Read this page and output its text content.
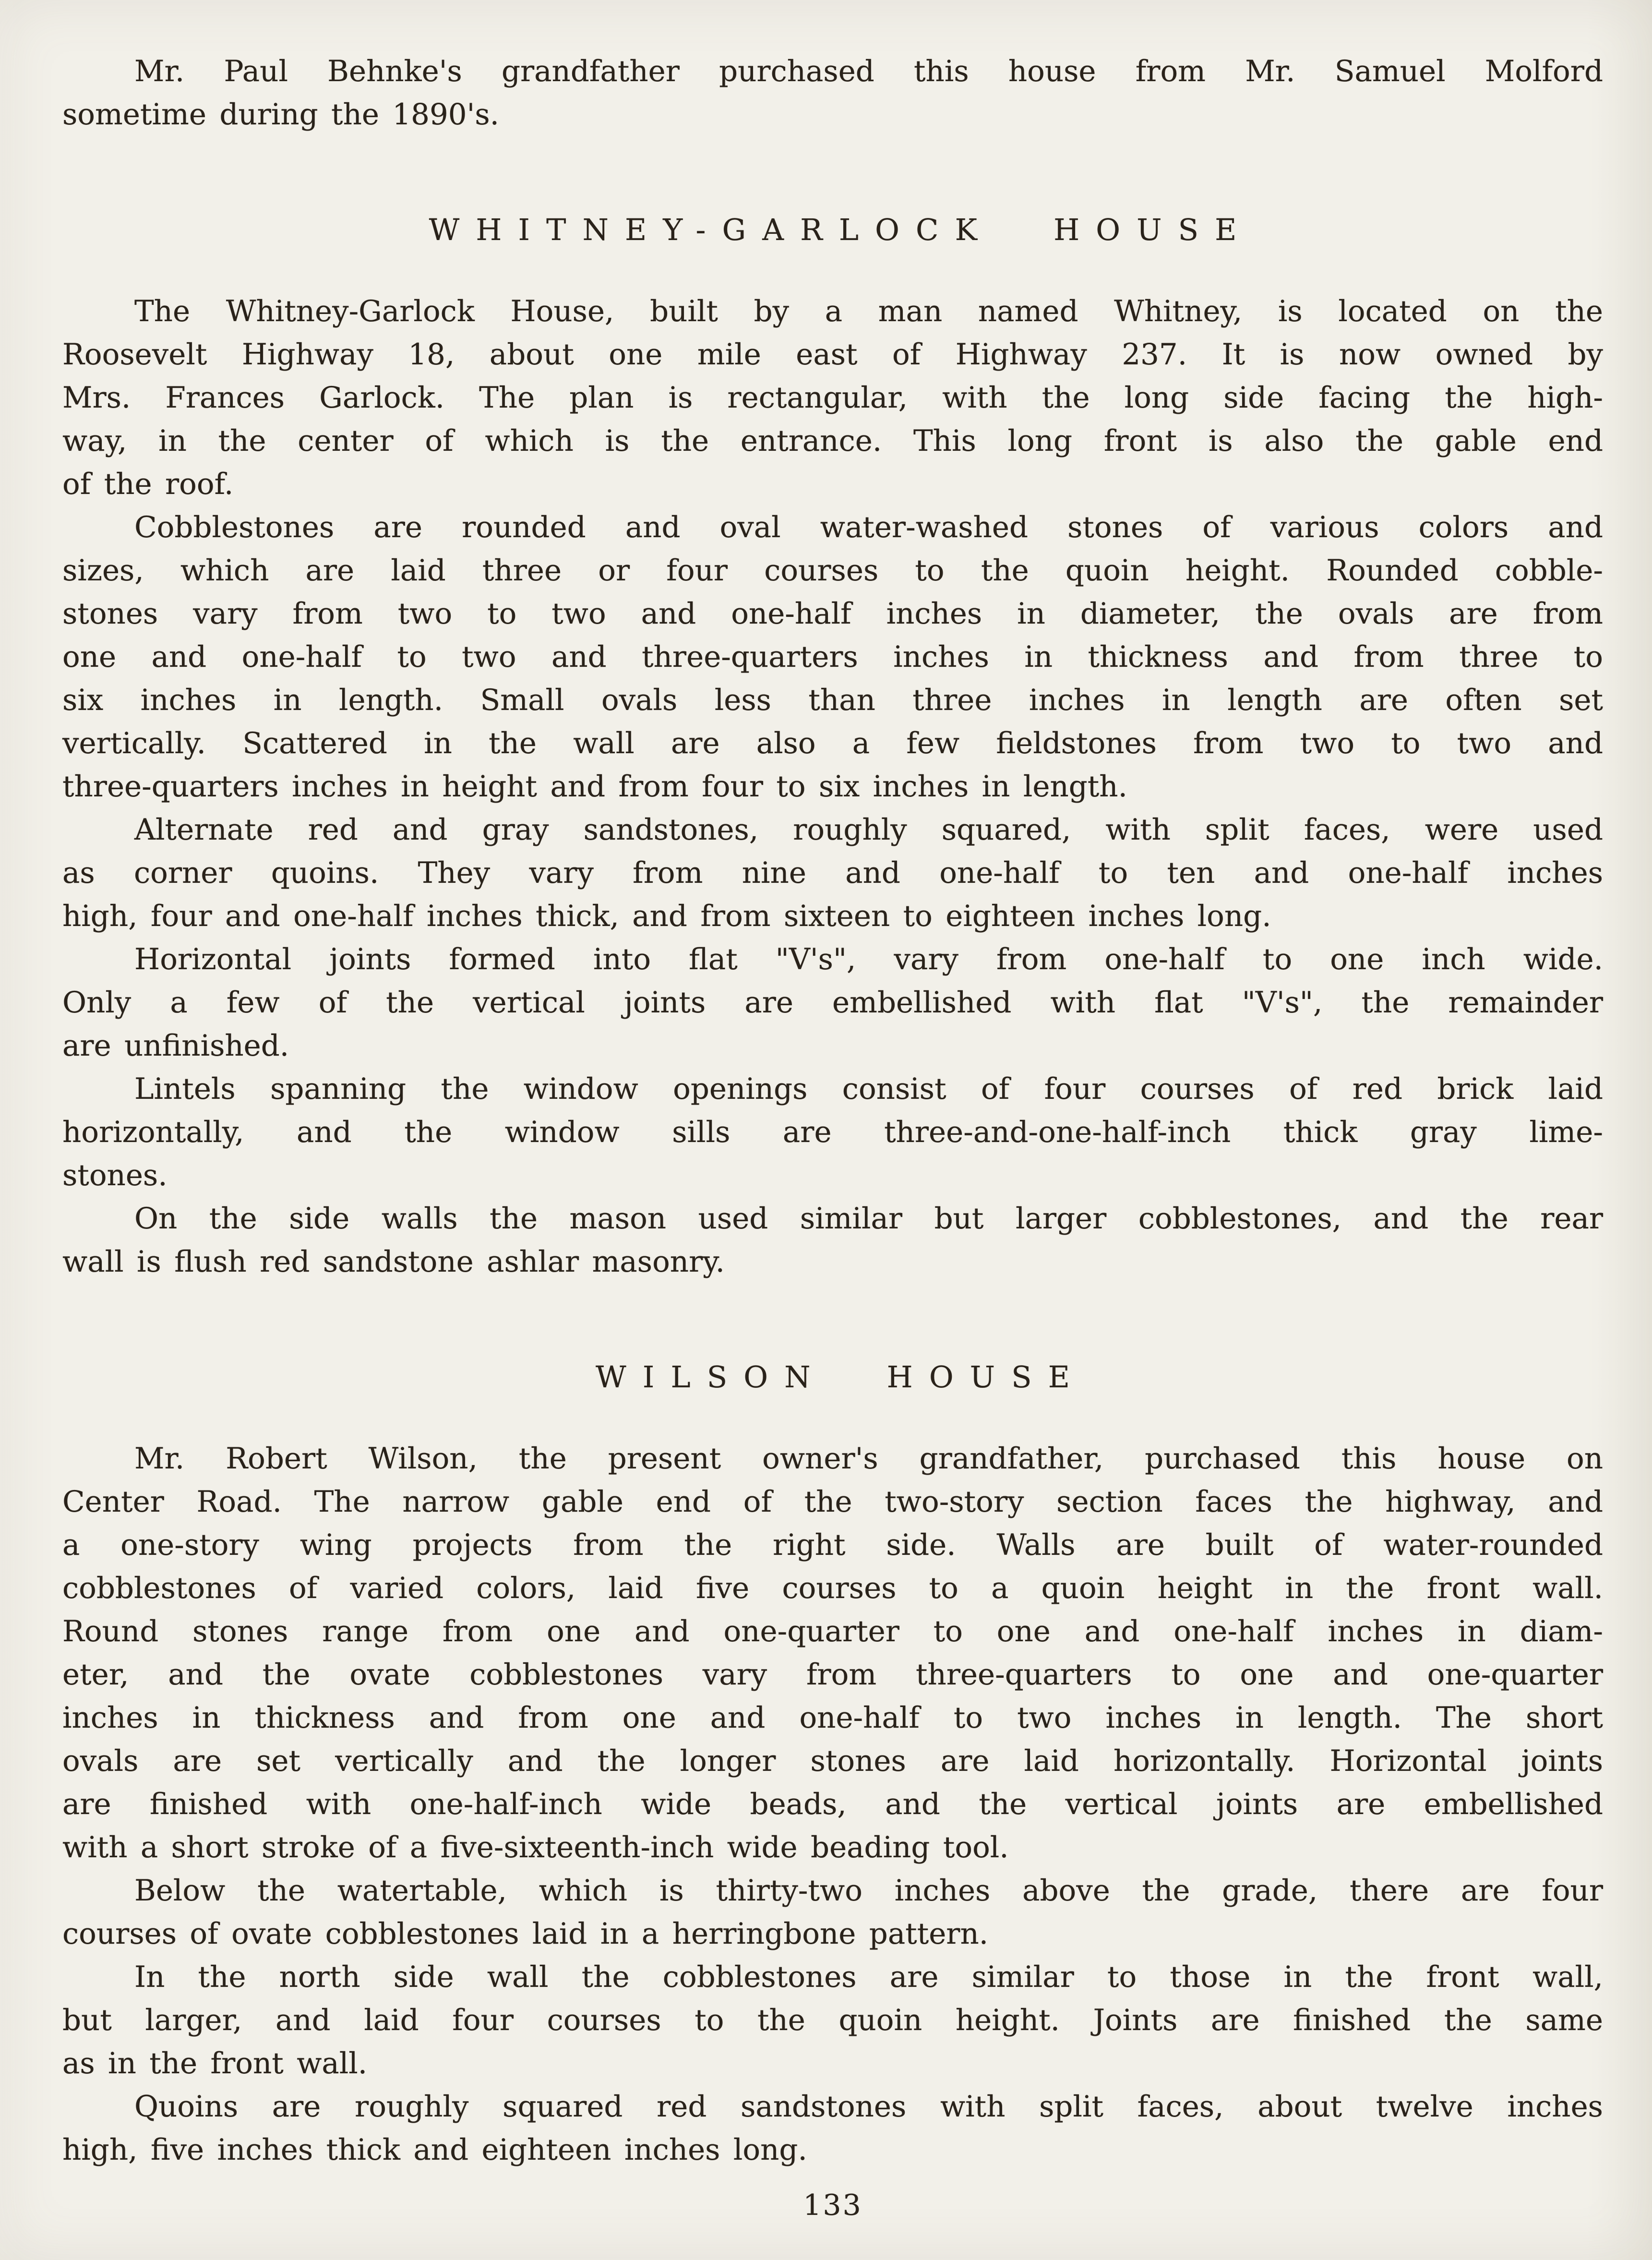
Mr. Paul Behnke's grandfather purchased this house from Mr. Samuel Molford
sometime during the 1890's.
WHITNEY-GARLOCK HOUSE
The Whitney-Garlock House, built by a man named Whitney, is located on the
Roosevelt Highway 18, about one mile east of Highway 237. It is now owned by
Mrs. Frances Garlock. The plan is rectangular, with the long side facing the high-
way, in the center of which is the entrance. This long front is also the gable end
of the roof.
Cobblestones are rounded and oval water-washed stones of various colors and
sizes, which are laid three or four courses to the quoin height. Rounded cobble-
stones vary from two to two and one-half inches in diameter, the ovals are from
one and one-half to two and three-quarters inches in thickness and from three to
six inches in length. Small ovals less than three inches in length are often set
vertically. Scattered in the wall are also a few fieldstones from two to two and
three-quarters inches in height and from four to six inches in length.
Alternate red and gray sandstones, roughly squared, with split faces, were used
as corner quoins. They vary from nine and one-half to ten and one-half inches
high, four and one-half inches thick, and from sixteen to eighteen inches long.
Horizontal joints formed into flat "V's", vary from one-half to one inch wide.
Only a few of the vertical joints are embellished with flat "V's", the remainder
are unfinished.
Lintels spanning the window openings consist of four courses of red brick laid
horizontally, and the window sills are three-and-one-half-inch thick gray lime-
stones.
On the side walls the mason used similar but larger cobblestones, and the rear
wall is flush red sandstone ashlar masonry.
WILSON HOUSE
Mr. Robert Wilson, the present owner's grandfather, purchased this house on
Center Road. The narrow gable end of the two-story section faces the highway, and
a one-story wing projects from the right side. Walls are built of water-rounded
cobblestones of varied colors, laid five courses to a quoin height in the front wall.
Round stones range from one and one-quarter to one and one-half inches in diam-
eter, and the ovate cobblestones vary from three-quarters to one and one-quarter
inches in thickness and from one and one-half to two inches in length. The short
ovals are set vertically and the longer stones are laid horizontally. Horizontal joints
are finished with one-half-inch wide beads, and the vertical joints are embellished
with a short stroke of a five-sixteenth-inch wide beading tool.
Below the watertable, which is thirty-two inches above the grade, there are four
courses of ovate cobblestones laid in a herringbone pattern.
In the north side wall the cobblestones are similar to those in the front wall,
but larger, and laid four courses to the quoin height. Joints are finished the same
as in the front wall.
Quoins are roughly squared red sandstones with split faces, about twelve inches
high, five inches thick and eighteen inches long.
133
